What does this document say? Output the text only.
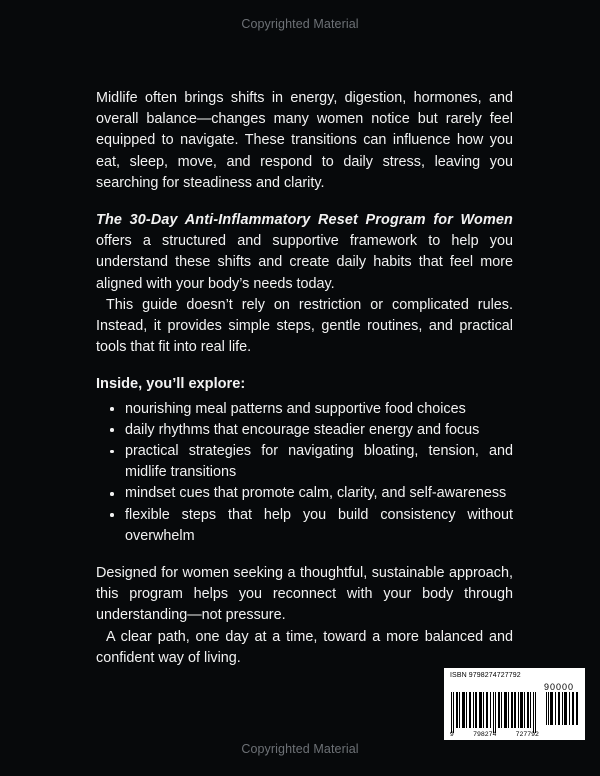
Copyrighted Material

Midlife often brings shifts in energy, digestion, hormones, and overall balance—changes many women notice but rarely feel equipped to navigate. These transitions can influence how you eat, sleep, move, and respond to daily stress, leaving you searching for steadiness and clarity.

The 30-Day Anti-Inflammatory Reset Program for Women offers a structured and supportive framework to help you understand these shifts and create daily habits that feel more aligned with your body’s needs today.

This guide doesn’t rely on restriction or complicated rules. Instead, it provides simple steps, gentle routines, and practical tools that fit into real life.

Inside, you’ll explore:

nourishing meal patterns and supportive food choices
daily rhythms that encourage steadier energy and focus
practical strategies for navigating bloating, tension, and midlife transitions
mindset cues that promote calm, clarity, and self-awareness
flexible steps that help you build consistency without overwhelm

Designed for women seeking a thoughtful, sustainable approach, this program helps you reconnect with your body through understanding—not pressure.

A clear path, one day at a time, toward a more balanced and confident way of living.

ISBN 9798274727792
90000
9	798274	727792
Copyrighted Material
